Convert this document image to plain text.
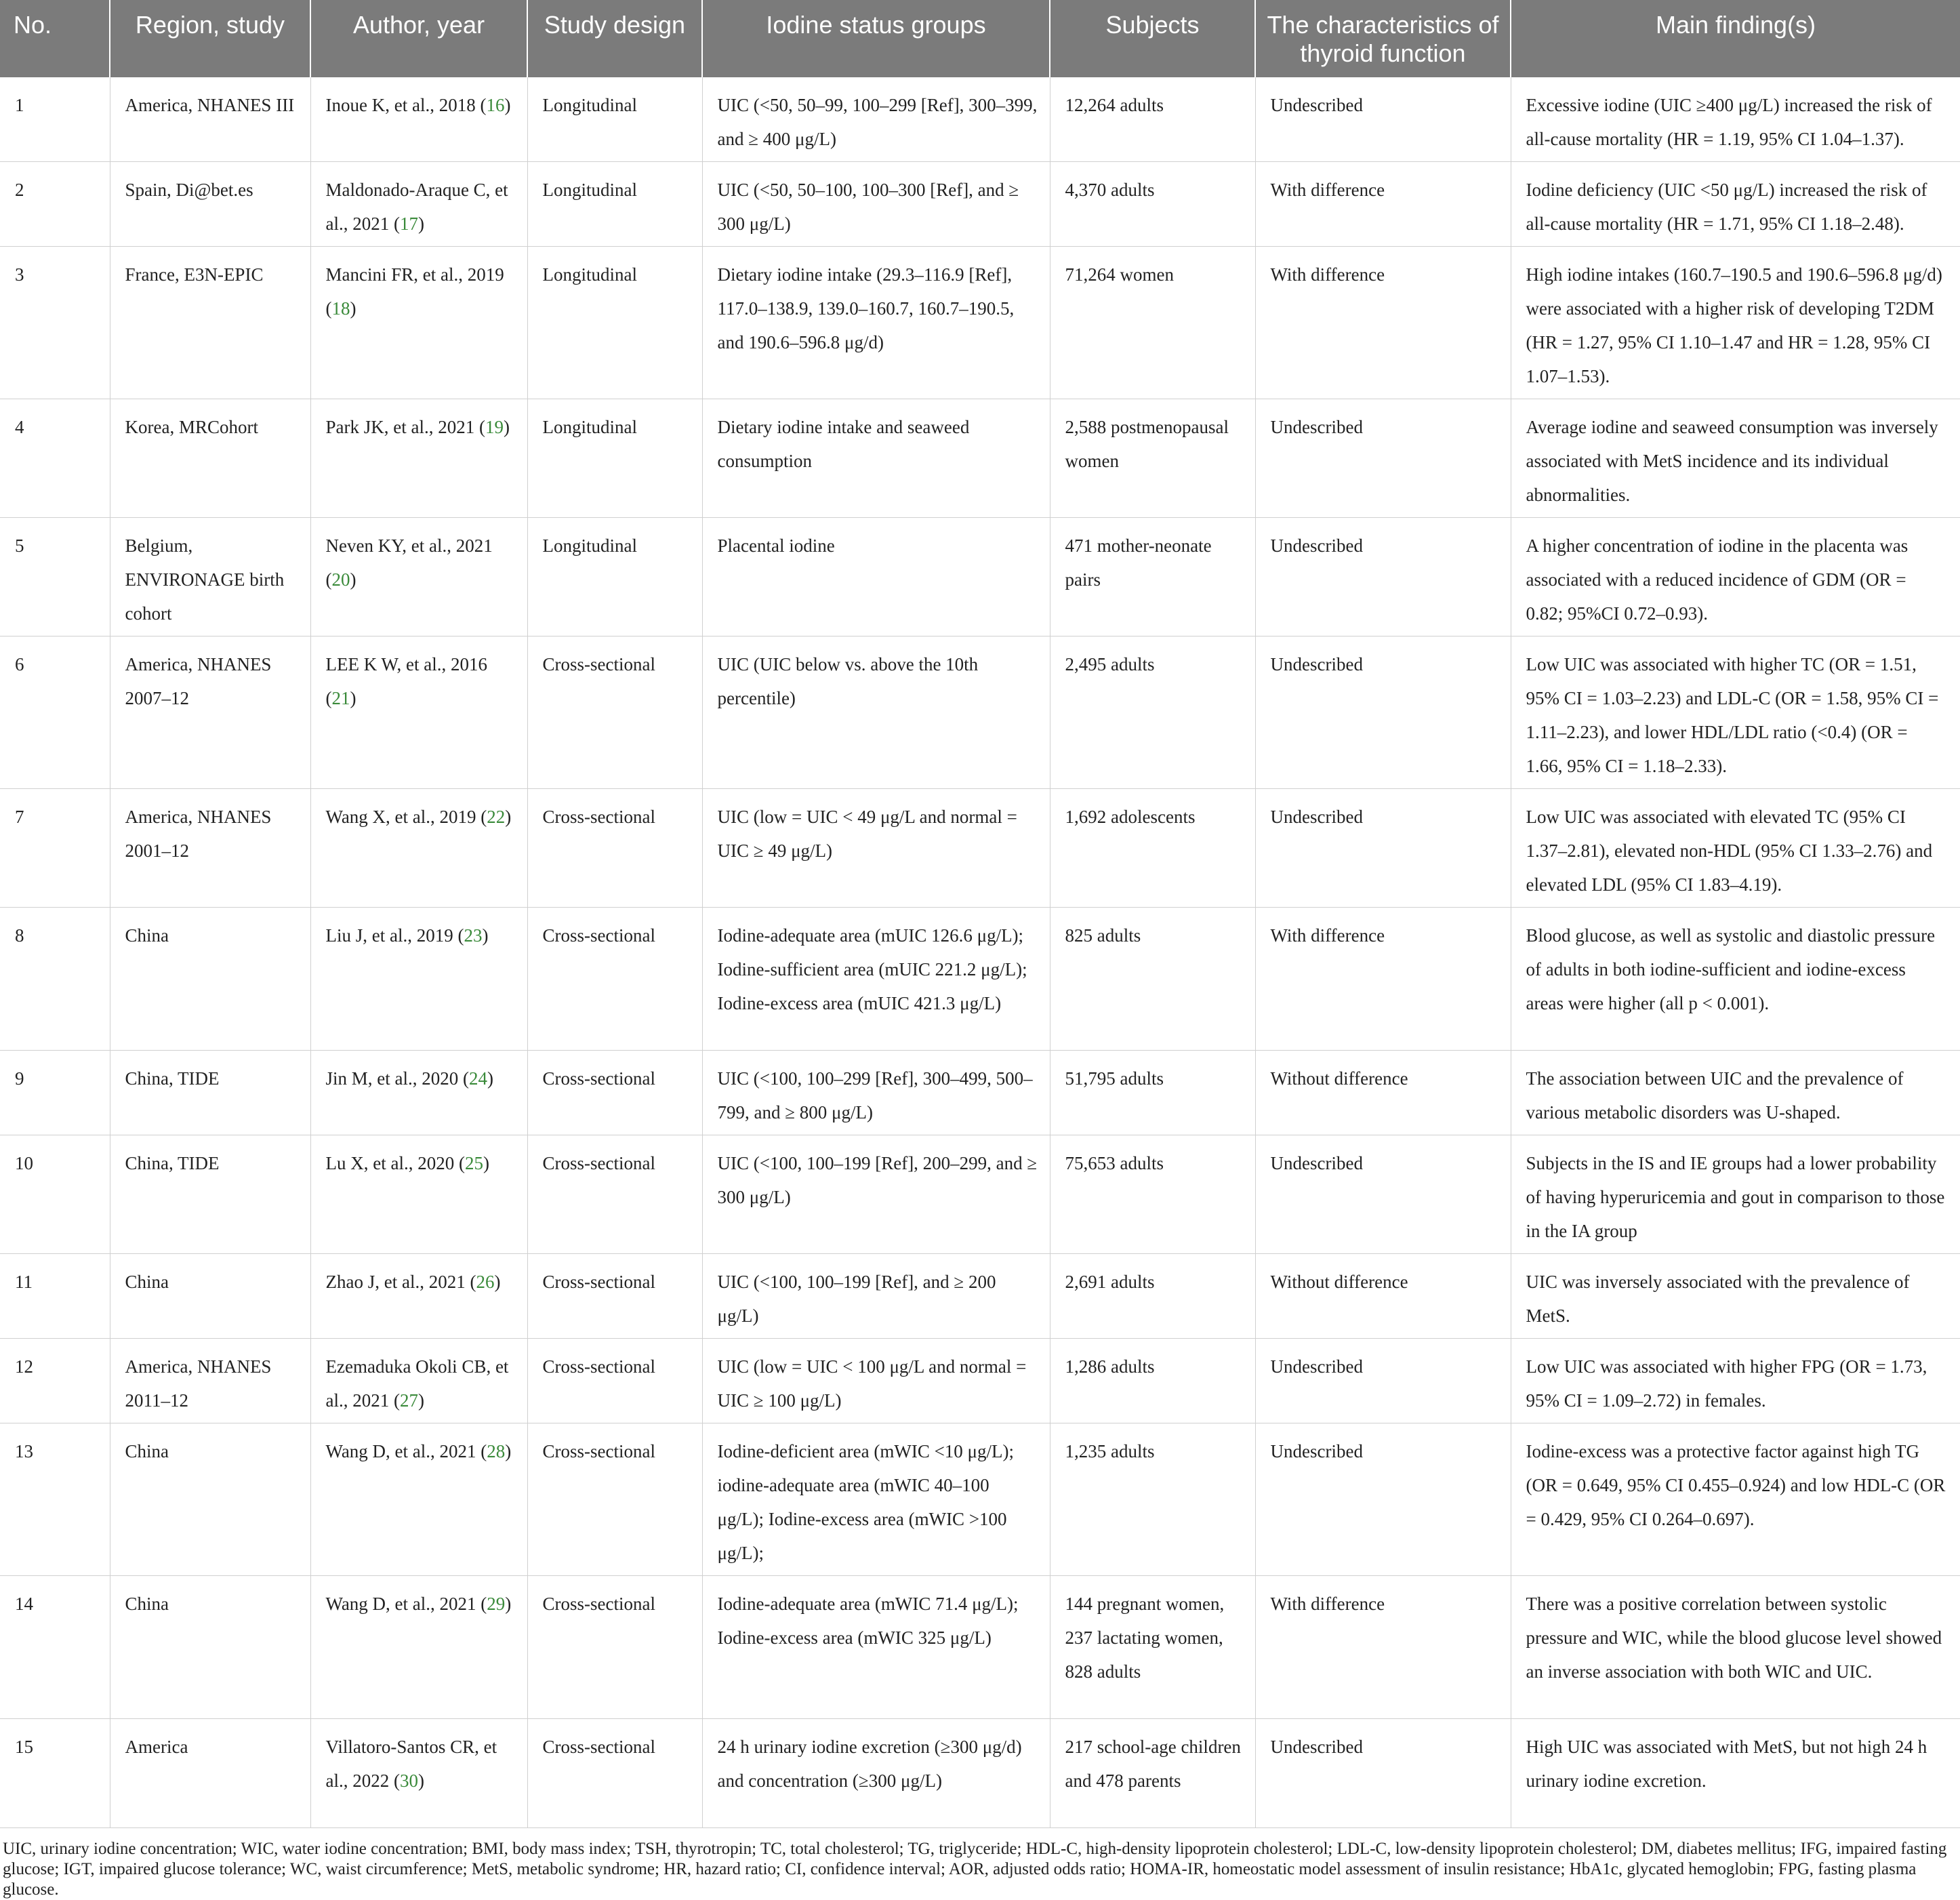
No.	Region, study	Author, year	Study design	Iodine status groups	Subjects	The characteristics of thyroid function	Main finding(s)
1	America, NHANES III	Inoue K, et al., 2018 (16)	Longitudinal	UIC (<50, 50–99, 100–299 [Ref], 300–399, and ≥ 400 μg/L)	12,264 adults	Undescribed	Excessive iodine (UIC ≥400 μg/L) increased the risk of all-cause mortality (HR = 1.19, 95% CI 1.04–1.37).
2	Spain, Di@bet.es	Maldonado-Araque C, et al., 2021 (17)	Longitudinal	UIC (<50, 50–100, 100–300 [Ref], and ≥ 300 μg/L)	4,370 adults	With difference	Iodine deficiency (UIC <50 μg/L) increased the risk of all-cause mortality (HR = 1.71, 95% CI 1.18–2.48).
3	France, E3N-EPIC	Mancini FR, et al., 2019 (18)	Longitudinal	Dietary iodine intake (29.3–116.9 [Ref], 117.0–138.9, 139.0–160.7, 160.7–190.5, and 190.6–596.8 μg/d)	71,264 women	With difference	High iodine intakes (160.7–190.5 and 190.6–596.8 μg/d) were associated with a higher risk of developing T2DM (HR = 1.27, 95% CI 1.10–1.47 and HR = 1.28, 95% CI 1.07–1.53).
4	Korea, MRCohort	Park JK, et al., 2021 (19)	Longitudinal	Dietary iodine intake and seaweed consumption	2,588 postmenopausal women	Undescribed	Average iodine and seaweed consumption was inversely associated with MetS incidence and its individual abnormalities.
5	Belgium, ENVIRONAGE birth cohort	Neven KY, et al., 2021 (20)	Longitudinal	Placental iodine	471 mother-neonate pairs	Undescribed	A higher concentration of iodine in the placenta was associated with a reduced incidence of GDM (OR = 0.82; 95%CI 0.72–0.93).
6	America, NHANES 2007–12	LEE K W, et al., 2016 (21)	Cross-sectional	UIC (UIC below vs. above the 10th percentile)	2,495 adults	Undescribed	Low UIC was associated with higher TC (OR = 1.51, 95% CI = 1.03–2.23) and LDL-C (OR = 1.58, 95% CI = 1.11–2.23), and lower HDL/LDL ratio (<0.4) (OR = 1.66, 95% CI = 1.18–2.33).
7	America, NHANES 2001–12	Wang X, et al., 2019 (22)	Cross-sectional	UIC (low = UIC < 49 μg/L and normal = UIC ≥ 49 μg/L)	1,692 adolescents	Undescribed	Low UIC was associated with elevated TC (95% CI 1.37–2.81), elevated non-HDL (95% CI 1.33–2.76) and elevated LDL (95% CI 1.83–4.19).
8	China	Liu J, et al., 2019 (23)	Cross-sectional	Iodine-adequate area (mUIC 126.6 μg/L); Iodine-sufficient area (mUIC 221.2 μg/L); Iodine-excess area (mUIC 421.3 μg/L)	825 adults	With difference	Blood glucose, as well as systolic and diastolic pressure of adults in both iodine-sufficient and iodine-excess areas were higher (all p < 0.001).
9	China, TIDE	Jin M, et al., 2020 (24)	Cross-sectional	UIC (<100, 100–299 [Ref], 300–499, 500–799, and ≥ 800 μg/L)	51,795 adults	Without difference	The association between UIC and the prevalence of various metabolic disorders was U-shaped.
10	China, TIDE	Lu X, et al., 2020 (25)	Cross-sectional	UIC (<100, 100–199 [Ref], 200–299, and ≥ 300 μg/L)	75,653 adults	Undescribed	Subjects in the IS and IE groups had a lower probability of having hyperuricemia and gout in comparison to those in the IA group
11	China	Zhao J, et al., 2021 (26)	Cross-sectional	UIC (<100, 100–199 [Ref], and ≥ 200 μg/L)	2,691 adults	Without difference	UIC was inversely associated with the prevalence of MetS.
12	America, NHANES 2011–12	Ezemaduka Okoli CB, et al., 2021 (27)	Cross-sectional	UIC (low = UIC < 100 μg/L and normal = UIC ≥ 100 μg/L)	1,286 adults	Undescribed	Low UIC was associated with higher FPG (OR = 1.73, 95% CI = 1.09–2.72) in females.
13	China	Wang D, et al., 2021 (28)	Cross-sectional	Iodine-deficient area (mWIC <10 μg/L); iodine-adequate area (mWIC 40–100 μg/L); Iodine-excess area (mWIC >100 μg/L);	1,235 adults	Undescribed	Iodine-excess was a protective factor against high TG (OR = 0.649, 95% CI 0.455–0.924) and low HDL-C (OR = 0.429, 95% CI 0.264–0.697).
14	China	Wang D, et al., 2021 (29)	Cross-sectional	Iodine-adequate area (mWIC 71.4 μg/L); Iodine-excess area (mWIC 325 μg/L)	144 pregnant women, 237 lactating women, 828 adults	With difference	There was a positive correlation between systolic pressure and WIC, while the blood glucose level showed an inverse association with both WIC and UIC.
15	America	Villatoro-Santos CR, et al., 2022 (30)	Cross-sectional	24 h urinary iodine excretion (≥300 μg/d) and concentration (≥300 μg/L)	217 school-age children and 478 parents	Undescribed	High UIC was associated with MetS, but not high 24 h urinary iodine excretion.
UIC, urinary iodine concentration; WIC, water iodine concentration; BMI, body mass index; TSH, thyrotropin; TC, total cholesterol; TG, triglyceride; HDL-C, high-density lipoprotein cholesterol; LDL-C, low-density lipoprotein cholesterol; DM, diabetes mellitus; IFG, impaired fasting glucose; IGT, impaired glucose tolerance; WC, waist circumference; MetS, metabolic syndrome; HR, hazard ratio; CI, confidence interval; AOR, adjusted odds ratio; HOMA-IR, homeostatic model assessment of insulin resistance; HbA1c, glycated hemoglobin; FPG, fasting plasma glucose.
